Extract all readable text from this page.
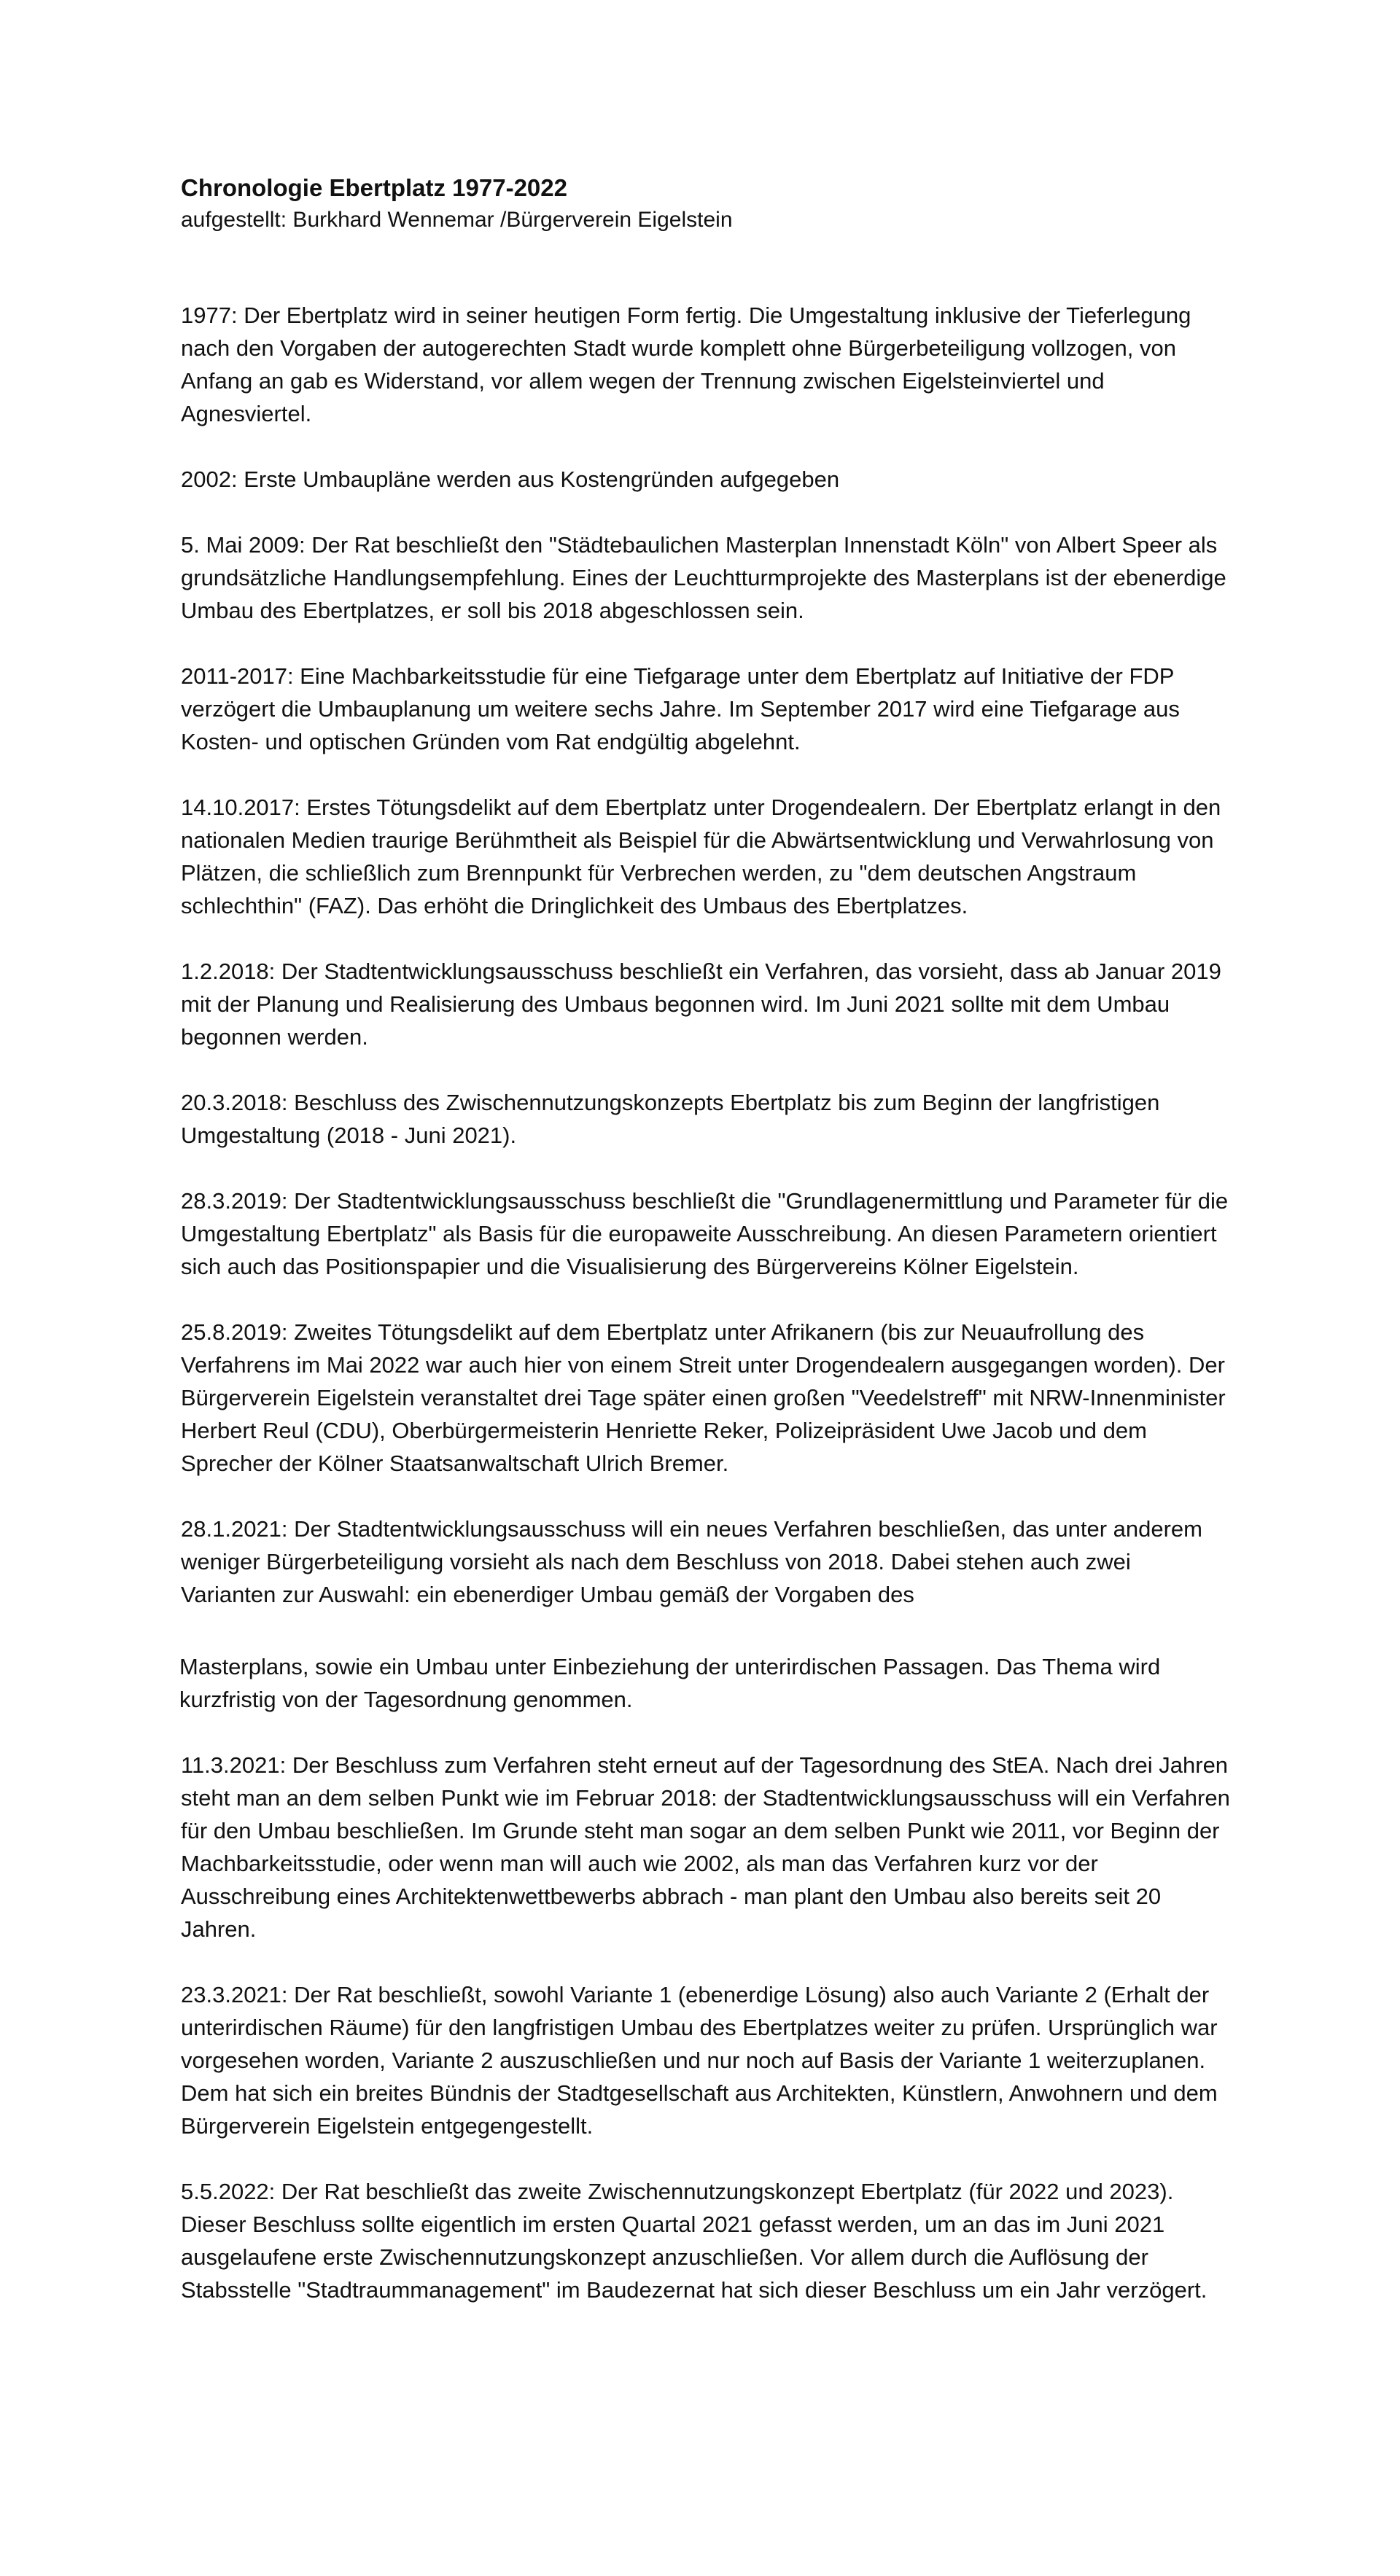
Chronologie Ebertplatz 1977-2022

aufgestellt: Burkhard Wennemar /Bürgerverein Eigelstein

1977: Der Ebertplatz wird in seiner heutigen Form fertig. Die Umgestaltung inklusive der Tieferlegung nach den Vorgaben der autogerechten Stadt wurde komplett ohne Bürgerbeteiligung vollzogen, von Anfang an gab es Widerstand, vor allem wegen der Trennung zwischen Eigelsteinviertel und Agnesviertel.

2002: Erste Umbaupläne werden aus Kostengründen aufgegeben

5. Mai 2009: Der Rat beschließt den "Städtebaulichen Masterplan Innenstadt Köln" von Albert Speer als grundsätzliche Handlungsempfehlung. Eines der Leuchtturmprojekte des Masterplans ist der ebenerdige Umbau des Ebertplatzes, er soll bis 2018 abgeschlossen sein.

2011-2017: Eine Machbarkeitsstudie für eine Tiefgarage unter dem Ebertplatz auf Initiative der FDP verzögert die Umbauplanung um weitere sechs Jahre. Im September 2017 wird eine Tiefgarage aus Kosten- und optischen Gründen vom Rat endgültig abgelehnt.

14.10.2017: Erstes Tötungsdelikt auf dem Ebertplatz unter Drogendealern. Der Ebertplatz erlangt in den nationalen Medien traurige Berühmtheit als Beispiel für die Abwärtsentwicklung und Verwahrlosung von Plätzen, die schließlich zum Brennpunkt für Verbrechen werden, zu "dem deutschen Angstraum schlechthin" (FAZ). Das erhöht die Dringlichkeit des Umbaus des Ebertplatzes.

1.2.2018: Der Stadtentwicklungsausschuss beschließt ein Verfahren, das vorsieht, dass ab Januar 2019 mit der Planung und Realisierung des Umbaus begonnen wird. Im Juni 2021 sollte mit dem Umbau begonnen werden.

20.3.2018: Beschluss des Zwischennutzungskonzepts Ebertplatz bis zum Beginn der langfristigen Umgestaltung (2018 - Juni 2021).

28.3.2019: Der Stadtentwicklungsausschuss beschließt die "Grundlagenermittlung und Parameter für die Umgestaltung Ebertplatz" als Basis für die europaweite Ausschreibung. An diesen Parametern orientiert sich auch das Positionspapier und die Visualisierung des Bürgervereins Kölner Eigelstein.

25.8.2019: Zweites Tötungsdelikt auf dem Ebertplatz unter Afrikanern (bis zur Neuaufrollung des Verfahrens im Mai 2022 war auch hier von einem Streit unter Drogendealern ausgegangen worden). Der Bürgerverein Eigelstein veranstaltet drei Tage später einen großen "Veedelstreff" mit NRW-Innenminister Herbert Reul (CDU), Oberbürgermeisterin Henriette Reker, Polizeipräsident Uwe Jacob und dem Sprecher der Kölner Staatsanwaltschaft Ulrich Bremer.

28.1.2021: Der Stadtentwicklungsausschuss will ein neues Verfahren beschließen, das unter anderem weniger Bürgerbeteiligung vorsieht als nach dem Beschluss von 2018. Dabei stehen auch zwei Varianten zur Auswahl: ein ebenerdiger Umbau gemäß der Vorgaben des

Masterplans, sowie ein Umbau unter Einbeziehung der unterirdischen Passagen. Das Thema wird kurzfristig von der Tagesordnung genommen.

11.3.2021: Der Beschluss zum Verfahren steht erneut auf der Tagesordnung des StEA. Nach drei Jahren steht man an dem selben Punkt wie im Februar 2018: der Stadtentwicklungsausschuss will ein Verfahren für den Umbau beschließen. Im Grunde steht man sogar an dem selben Punkt wie 2011, vor Beginn der Machbarkeitsstudie, oder wenn man will auch wie 2002, als man das Verfahren kurz vor der Ausschreibung eines Architektenwettbewerbs abbrach - man plant den Umbau also bereits seit 20 Jahren.

23.3.2021: Der Rat beschließt, sowohl Variante 1 (ebenerdige Lösung) also auch Variante 2 (Erhalt der unterirdischen Räume) für den langfristigen Umbau des Ebertplatzes weiter zu prüfen. Ursprünglich war vorgesehen worden, Variante 2 auszuschließen und nur noch auf Basis der Variante 1 weiterzuplanen. Dem hat sich ein breites Bündnis der Stadtgesellschaft aus Architekten, Künstlern, Anwohnern und dem Bürgerverein Eigelstein entgegengestellt.

5.5.2022: Der Rat beschließt das zweite Zwischennutzungskonzept Ebertplatz (für 2022 und 2023). Dieser Beschluss sollte eigentlich im ersten Quartal 2021 gefasst werden, um an das im Juni 2021 ausgelaufene erste Zwischennutzungskonzept anzuschließen. Vor allem durch die Auflösung der Stabsstelle "Stadtraummanagement" im Baudezernat hat sich dieser Beschluss um ein Jahr verzögert.
